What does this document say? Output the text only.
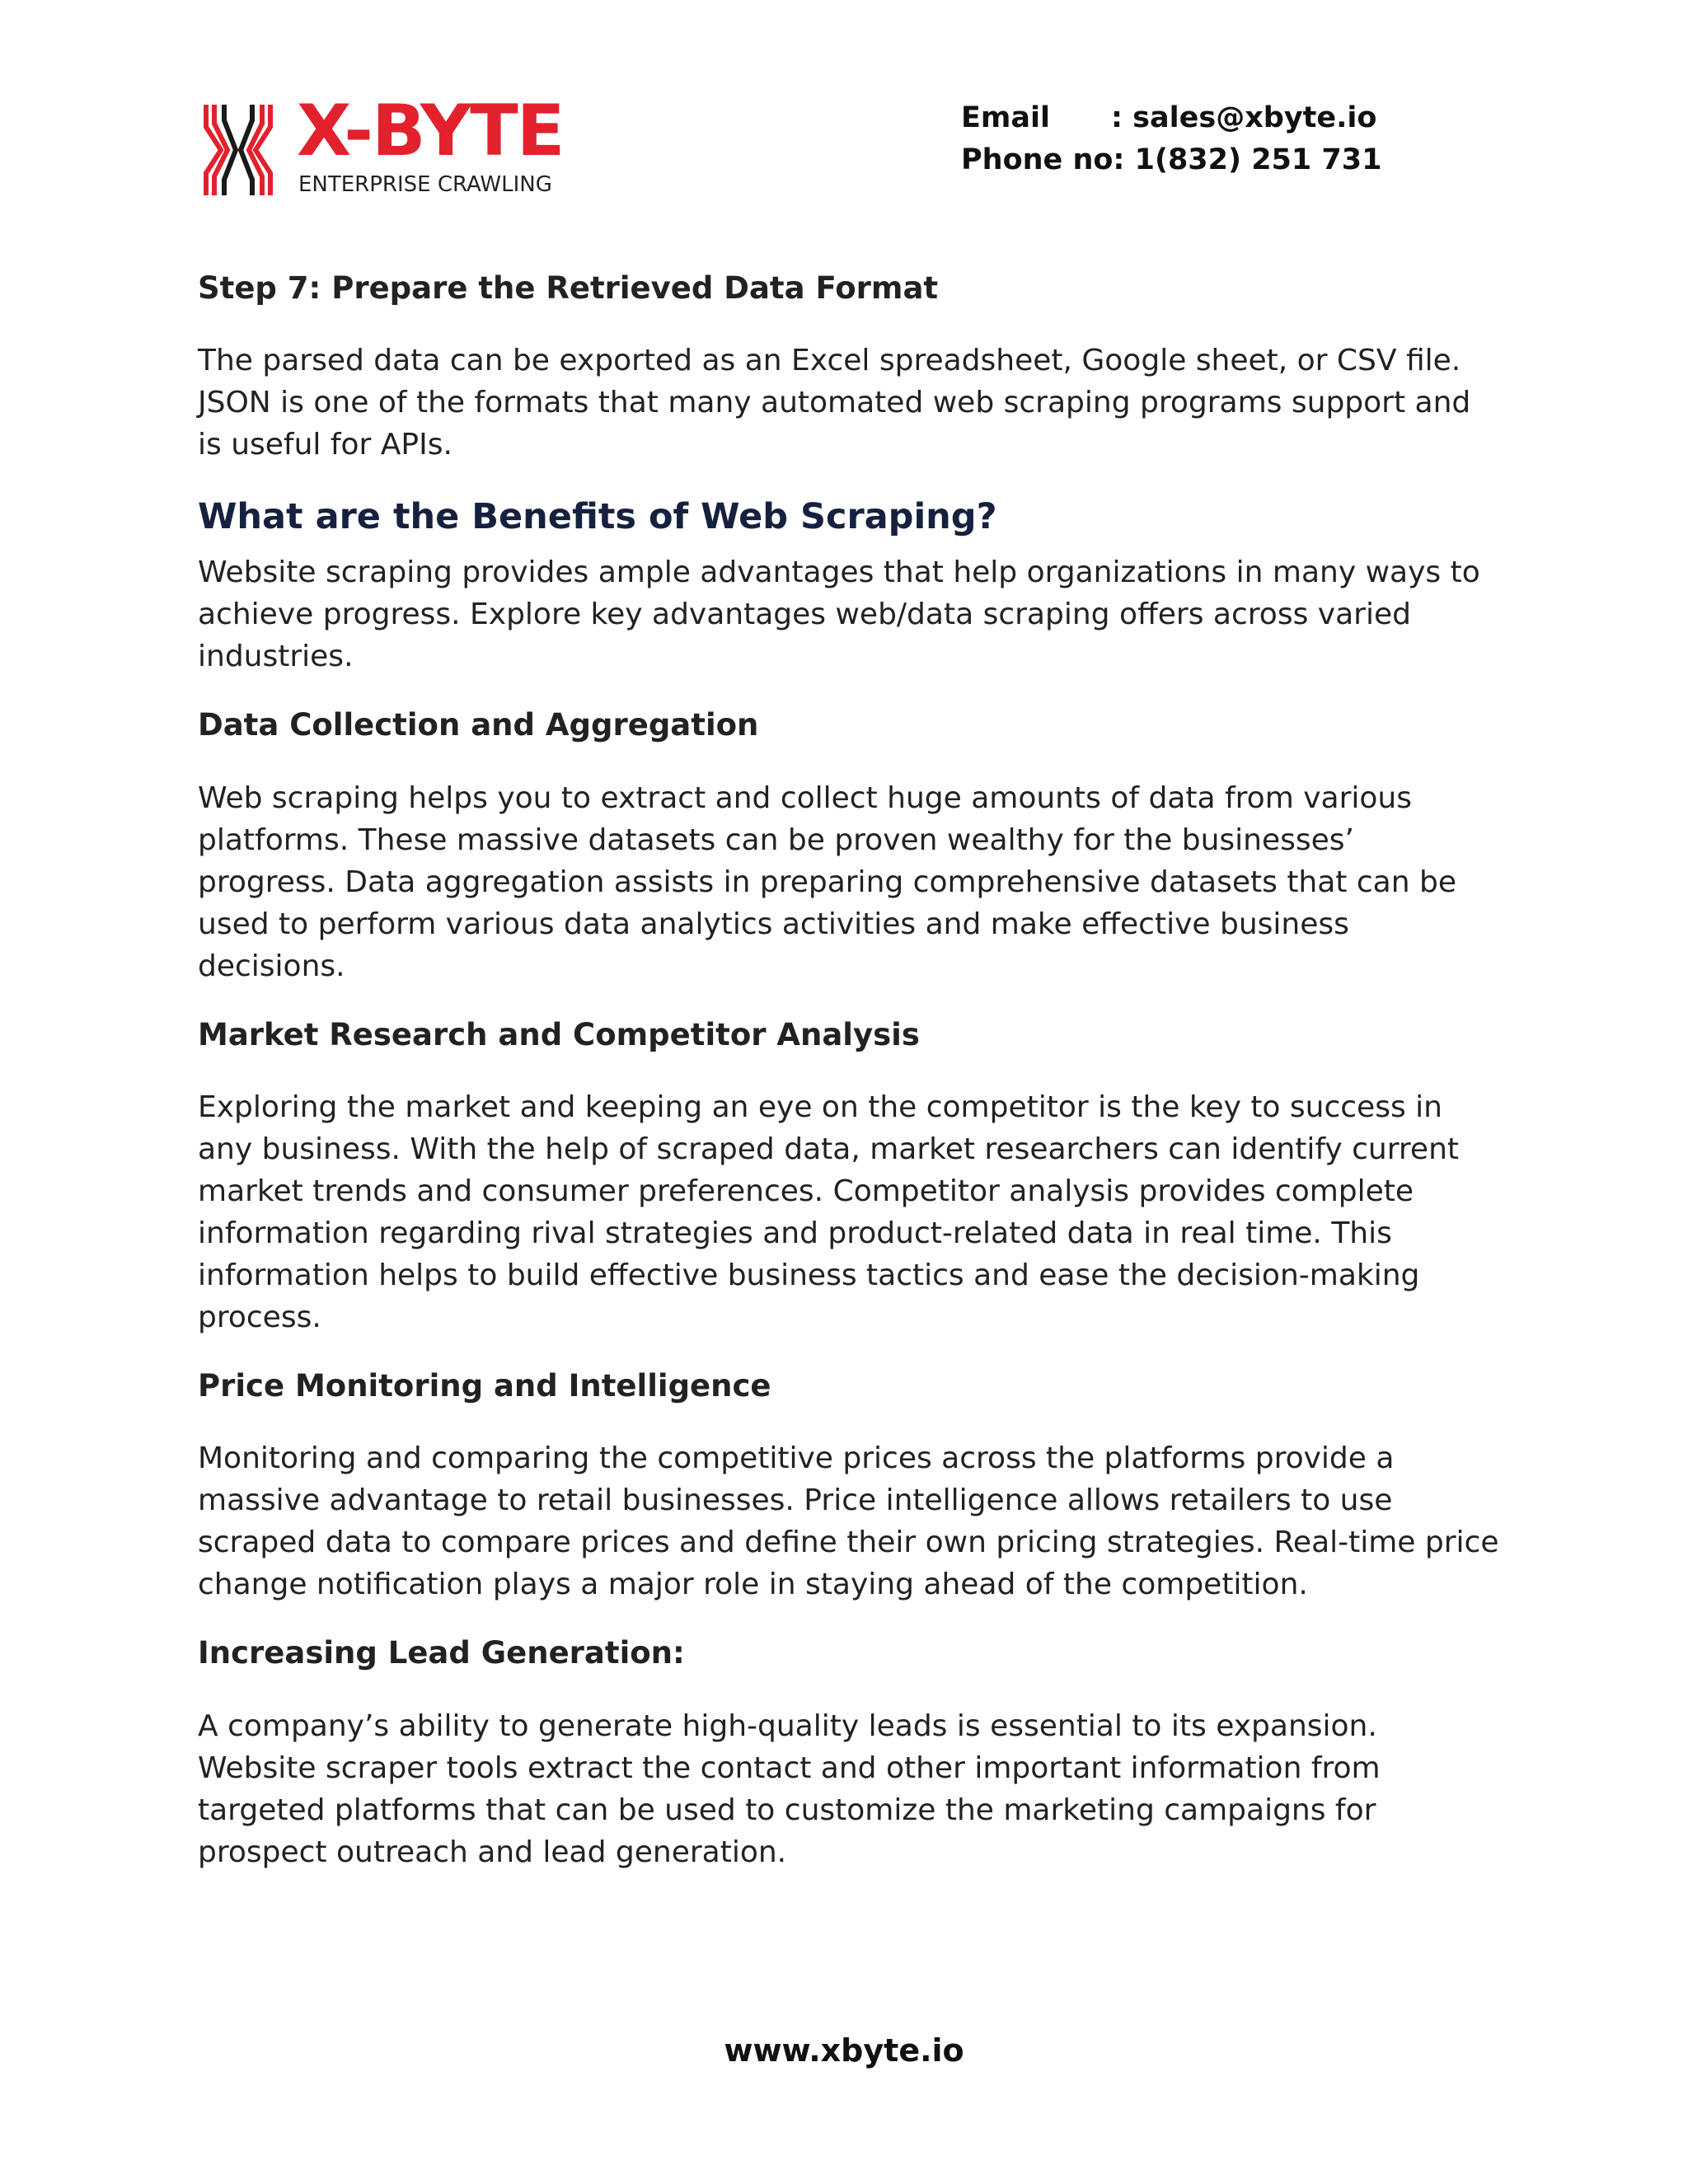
X-BYTE
ENTERPRISE CRAWLING
Email	: sales@xbyte.io
Phone no : 1(832) 251 731
Step 7: Prepare the Retrieved Data Format

The parsed data can be exported as an Excel spreadsheet, Google sheet, or CSV file. JSON is one of the formats that many automated web scraping programs support and is useful for APIs.

What are the Benefits of Web Scraping?

Website scraping provides ample advantages that help organizations in many ways to achieve progress. Explore key advantages web/data scraping offers across varied industries.

Data Collection and Aggregation

Web scraping helps you to extract and collect huge amounts of data from various platforms. These massive datasets can be proven wealthy for the businesses’ progress. Data aggregation assists in preparing comprehensive datasets that can be used to perform various data analytics activities and make effective business decisions.

Market Research and Competitor Analysis

Exploring the market and keeping an eye on the competitor is the key to success in any business. With the help of scraped data, market researchers can identify current market trends and consumer preferences. Competitor analysis provides complete information regarding rival strategies and product-related data in real time. This information helps to build effective business tactics and ease the decision-making process.

Price Monitoring and Intelligence

Monitoring and comparing the competitive prices across the platforms provide a massive advantage to retail businesses. Price intelligence allows retailers to use scraped data to compare prices and define their own pricing strategies. Real-time price change notification plays a major role in staying ahead of the competition.

Increasing Lead Generation:

A company’s ability to generate high-quality leads is essential to its expansion. Website scraper tools extract the contact and other important information from targeted platforms that can be used to customize the marketing campaigns for prospect outreach and lead generation.

www.xbyte.io
